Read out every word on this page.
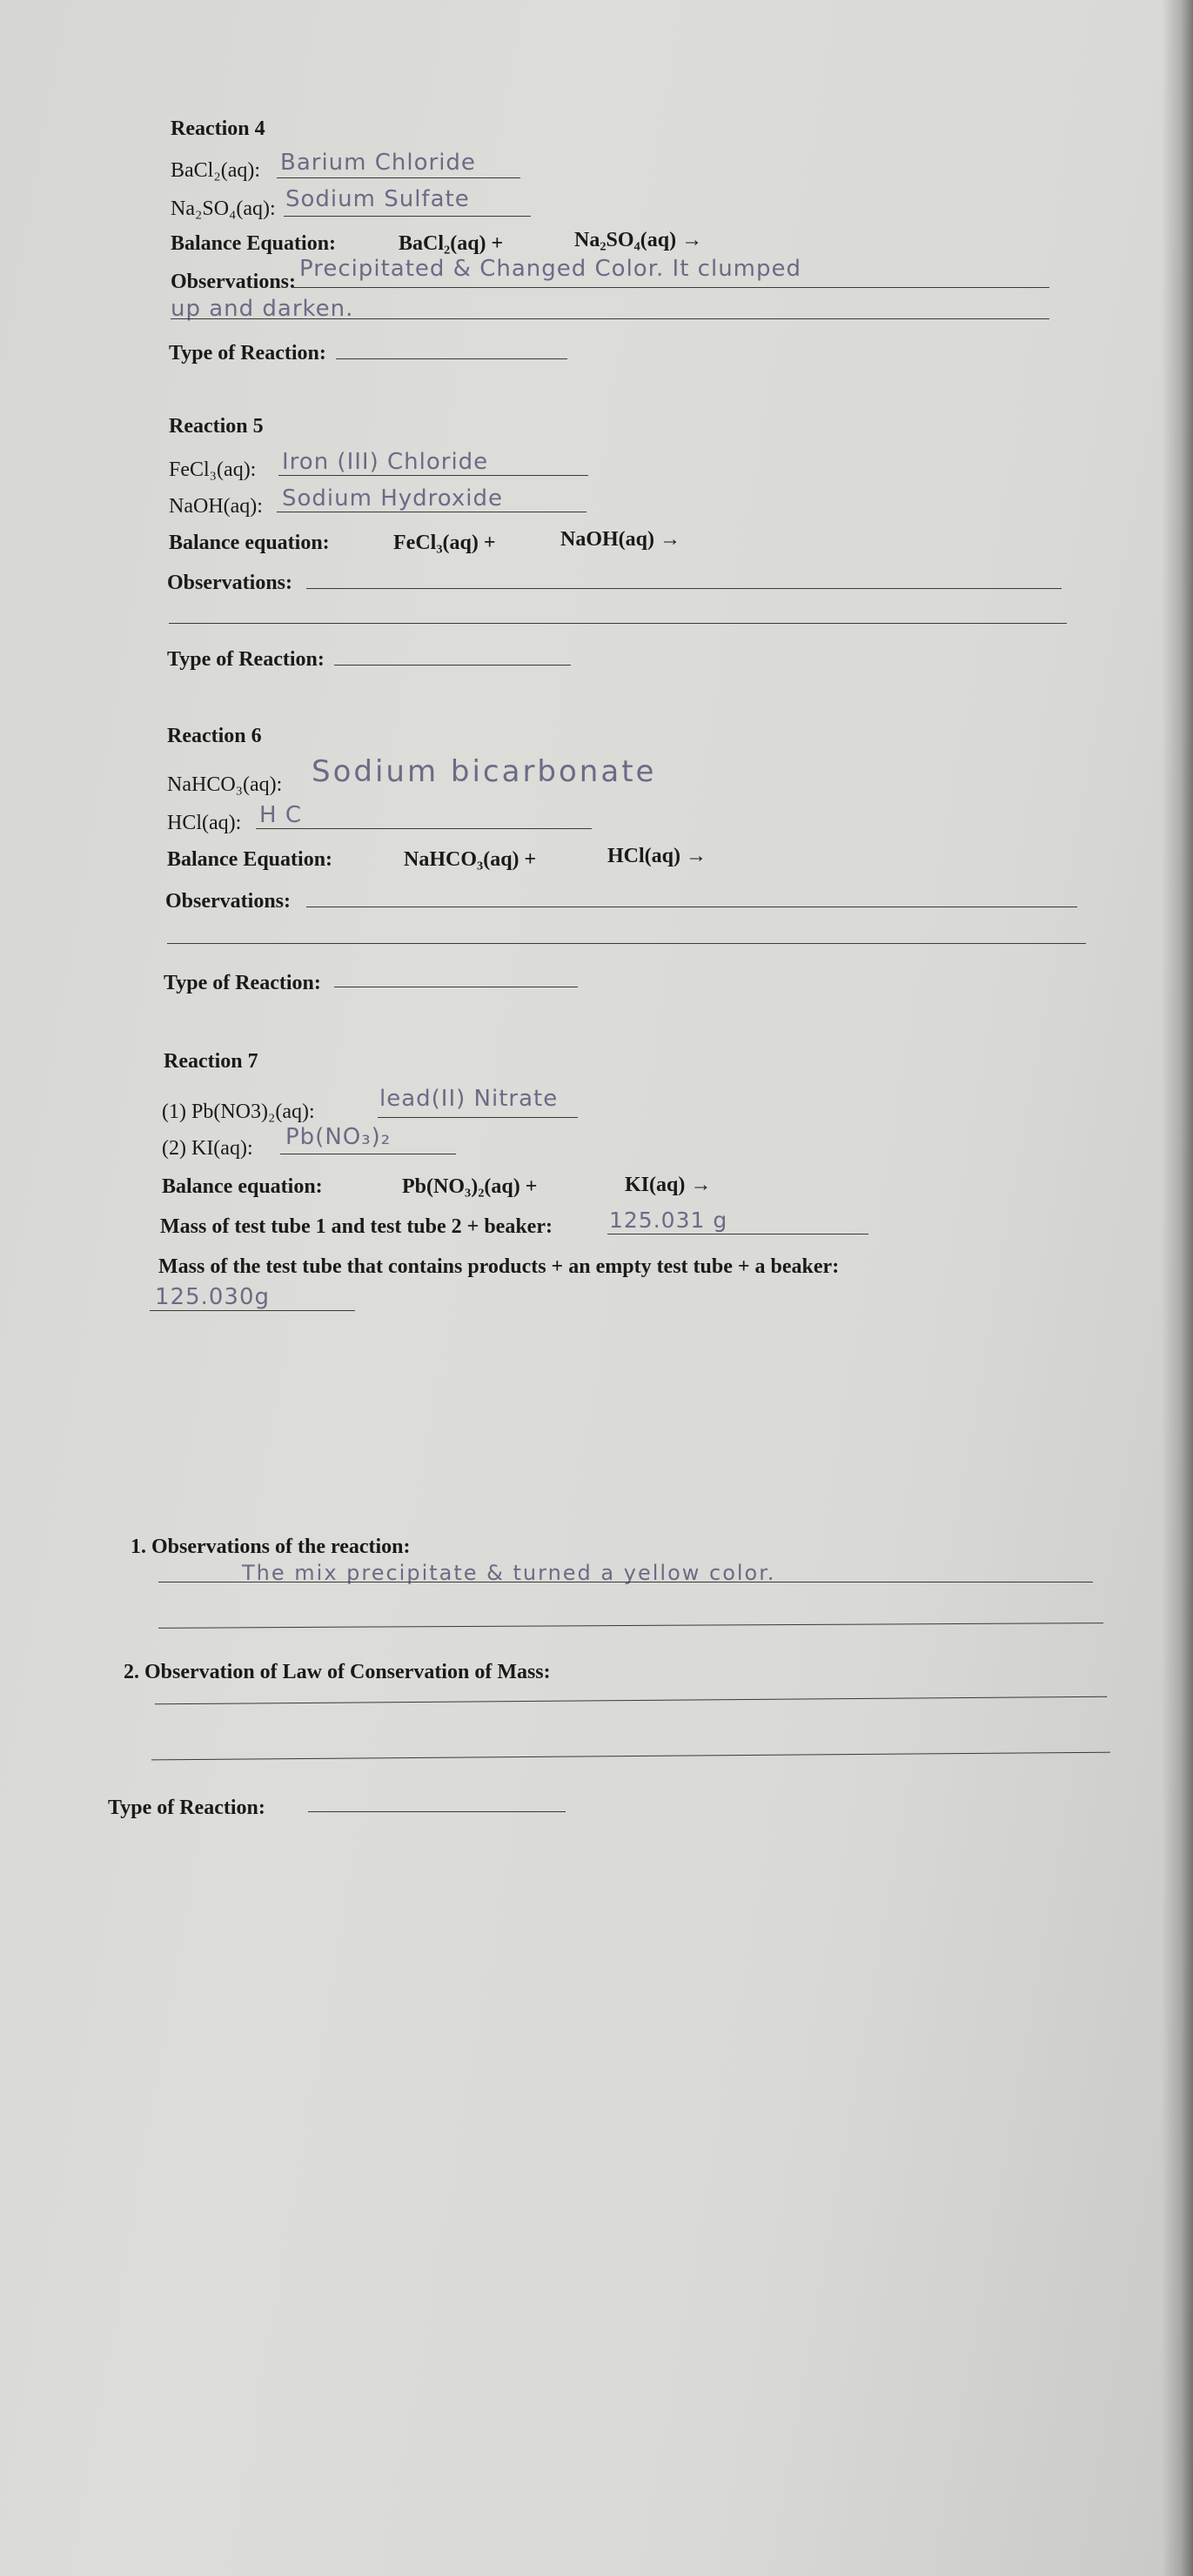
Reaction 4
BaCl₂(aq): Barium Chloride
Na₂SO₄(aq): Sodium Sulfate
Balance Equation:	BaCl₂(aq) +	Na₂SO₄(aq) →
Observations: Precipitated & Changed Color. It clumped
up and darken.
Type of Reaction:
Reaction 5
FeCl₃(aq): Iron (III) Chloride
NaOH(aq): Sodium Hydroxide
Balance equation:	FeCl₃(aq) +	NaOH(aq) →
Observations:
Type of Reaction:
Reaction 6
NaHCO₃(aq): Sodium bicarbonate
HCl(aq): H C
Balance Equation:	NaHCO₃(aq) +	HCl(aq) →
Observations:
Type of Reaction:
Reaction 7
(1) Pb(NO3)₂(aq):	lead(II) Nitrate
(2) KI(aq): Pb(NO₃)₂
Balance equation:	Pb(NO₃)₂(aq) +	KI(aq) →
Mass of test tube 1 and test tube 2 + beaker:	125.031 g
Mass of the test tube that contains products + an empty test tube + a beaker:
125.030g
1. Observations of the reaction:
The mix precipitate & turned a yellow color.
2. Observation of Law of Conservation of Mass:
Type of Reaction:
